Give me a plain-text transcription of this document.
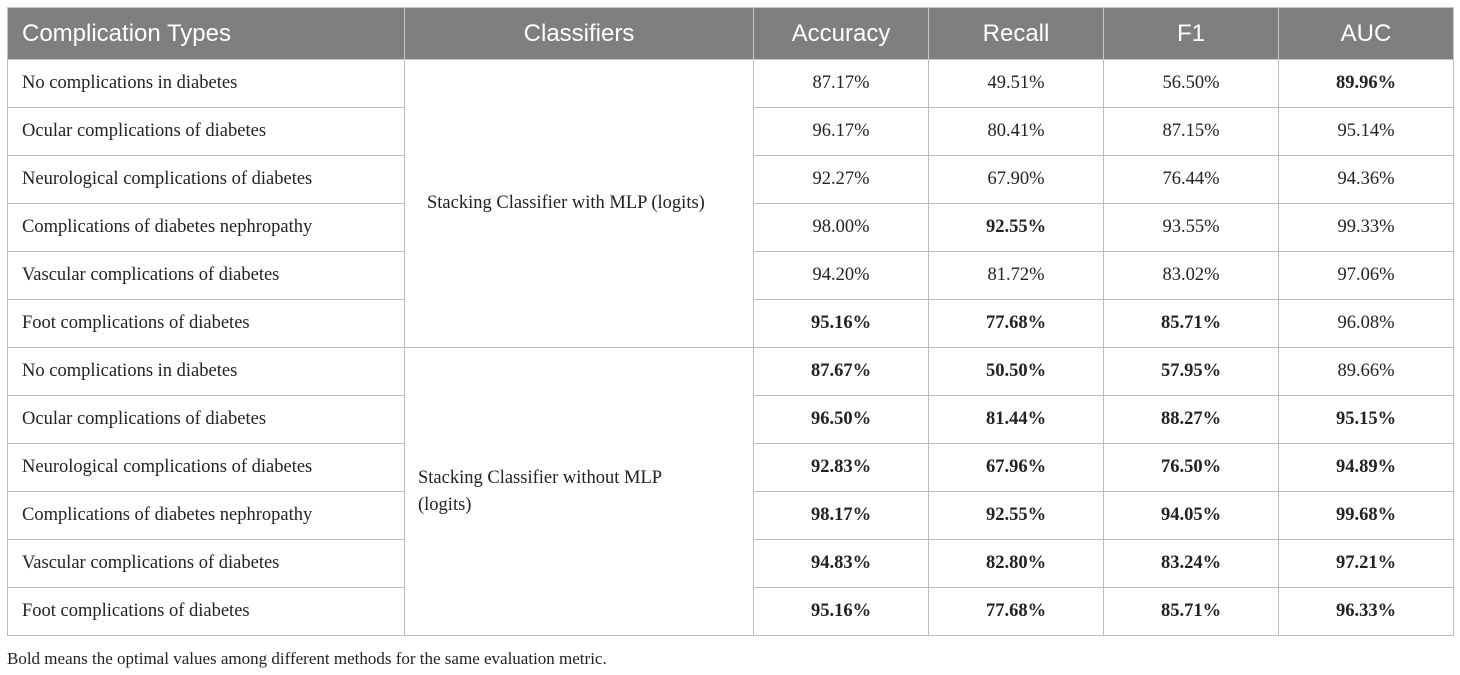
Complication Types	Classifiers	Accuracy	Recall	F1	AUC
No complications in diabetes	Stacking Classifier with MLP (logits)	87.17%	49.51%	56.50%	89.96%
Ocular complications of diabetes		96.17%	80.41%	87.15%	95.14%
Neurological complications of diabetes		92.27%	67.90%	76.44%	94.36%
Complications of diabetes nephropathy		98.00%	92.55%	93.55%	99.33%
Vascular complications of diabetes		94.20%	81.72%	83.02%	97.06%
Foot complications of diabetes		95.16%	77.68%	85.71%	96.08%
No complications in diabetes	Stacking Classifier without MLP (logits)	87.67%	50.50%	57.95%	89.66%
Ocular complications of diabetes		96.50%	81.44%	88.27%	95.15%
Neurological complications of diabetes		92.83%	67.96%	76.50%	94.89%
Complications of diabetes nephropathy		98.17%	92.55%	94.05%	99.68%
Vascular complications of diabetes		94.83%	82.80%	83.24%	97.21%
Foot complications of diabetes		95.16%	77.68%	85.71%	96.33%
Bold means the optimal values among different methods for the same evaluation metric.
